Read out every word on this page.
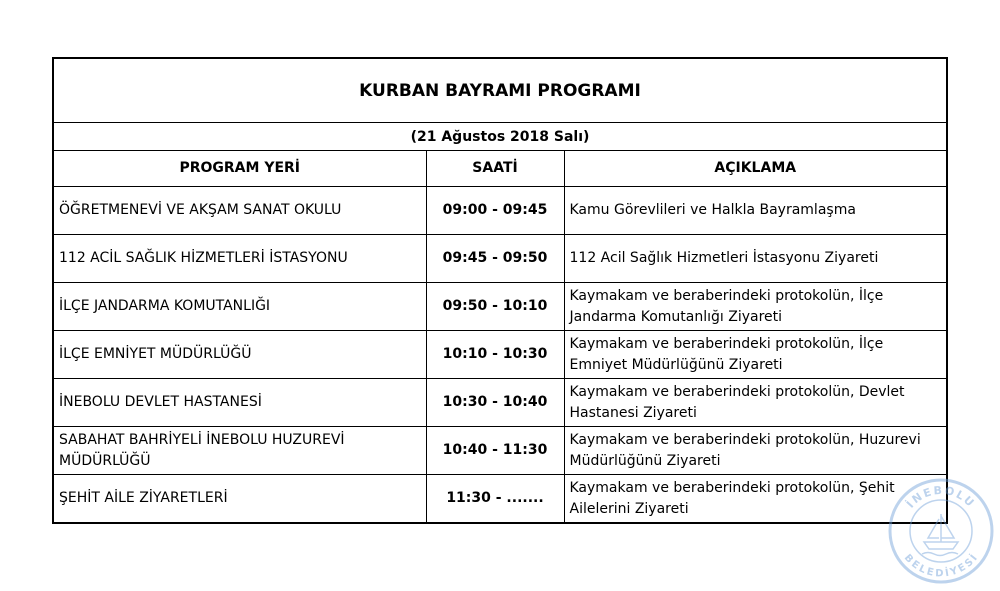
KURBAN BAYRAMI PROGRAMI
(21 Ağustos 2018 Salı)
PROGRAM YERİ	SAATİ	AÇIKLAMA
ÖĞRETMENEVİ VE AKŞAM SANAT OKULU	09:00 - 09:45	Kamu Görevlileri ve Halkla Bayramlaşma
112 ACİL SAĞLIK HİZMETLERİ İSTASYONU	09:45 - 09:50	112 Acil Sağlık Hizmetleri İstasyonu Ziyareti
İLÇE JANDARMA KOMUTANLIĞI	09:50 - 10:10	Kaymakam ve beraberindeki protokolün, İlçe Jandarma Komutanlığı Ziyareti
İLÇE EMNİYET MÜDÜRLÜĞÜ	10:10 - 10:30	Kaymakam ve beraberindeki protokolün, İlçe Emniyet Müdürlüğünü Ziyareti
İNEBOLU DEVLET HASTANESİ	10:30 - 10:40	Kaymakam ve beraberindeki protokolün, Devlet Hastanesi Ziyareti
SABAHAT BAHRİYELİ İNEBOLU HUZUREVİ MÜDÜRLÜĞÜ	10:40 - 11:30	Kaymakam ve beraberindeki protokolün, Huzurevi Müdürlüğünü Ziyareti
ŞEHİT AİLE ZİYARETLERİ	11:30 - .......	Kaymakam ve beraberindeki protokolün, Şehit Ailelerini Ziyareti	İNEBOLU
BELEDİYESİ
